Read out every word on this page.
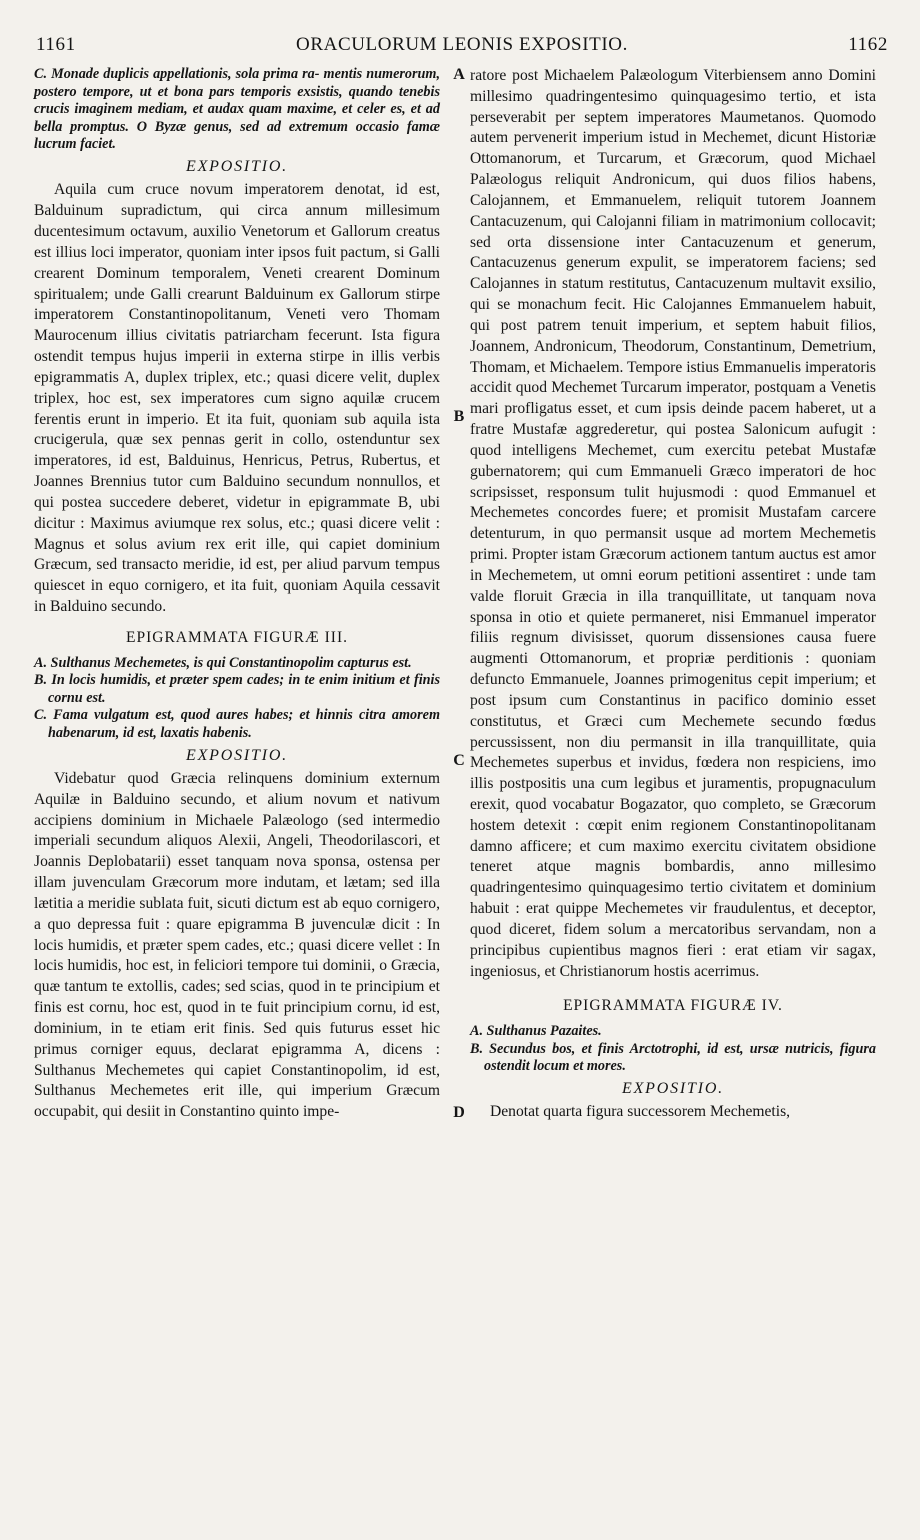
1161	ORACULORUM LEONIS EXPOSITIO.	1162

C. Monade duplicis appellationis, sola prima ra- mentis numerorum, postero tempore, ut et bona pars temporis exsistis, quando tenebis crucis imaginem mediam, et audax quam maxime, et celer es, et ad bella promptus. O Byzæ genus, sed ad extremum occasio famæ lucrum faciet.

EXPOSITIO.

Aquila cum cruce novum imperatorem denotat, id est, Balduinum supradictum, qui circa annum millesimum ducentesimum octavum, auxilio Venetorum et Gallorum creatus est illius loci imperator, quoniam inter ipsos fuit pactum, si Galli crearent Dominum temporalem, Veneti crearent Dominum spiritualem; unde Galli crearunt Balduinum ex Gallorum stirpe imperatorem Constantinopolitanum, Veneti vero Thomam Maurocenum illius civitatis patriarcham fecerunt. Ista figura ostendit tempus hujus imperii in externa stirpe in illis verbis epigrammatis A, duplex triplex, etc.; quasi dicere velit, duplex triplex, hoc est, sex imperatores cum signo aquilæ crucem ferentis erunt in imperio. Et ita fuit, quoniam sub aquila ista crucigerula, quæ sex pennas gerit in collo, ostenduntur sex imperatores, id est, Balduinus, Henricus, Petrus, Rubertus, et Joannes Brennius tutor cum Balduino secundum nonnullos, et qui postea succedere deberet, videtur in epigrammate B, ubi dicitur : Maximus aviumque rex solus, etc.; quasi dicere velit : Magnus et solus avium rex erit ille, qui capiet dominium Græcum, sed transacto meridie, id est, per aliud parvum tempus quiescet in equo cornigero, et ita fuit, quoniam Aquila cessavit in Balduino secundo.

EPIGRAMMATA FIGURÆ III.

A. Sulthanus Mechemetes, is qui Constantinopolim capturus est.

B. In locis humidis, et præter spem cades; in te enim initium et finis cornu est.

C. Fama vulgatum est, quod aures habes; et hinnis citra amorem habenarum, id est, laxatis habenis.

EXPOSITIO.

Videbatur quod Græcia relinquens dominium externum Aquilæ in Balduino secundo, et alium novum et nativum accipiens dominium in Michaele Palæologo (sed intermedio imperiali secundum aliquos Alexii, Angeli, Theodorilascori, et Joannis Deplobatarii) esset tanquam nova sponsa, ostensa per illam juvenculam Græcorum more indutam, et lætam; sed illa lætitia a meridie sublata fuit, sicuti dictum est ab equo cornigero, a quo depressa fuit : quare epigramma B juvenculæ dicit : In locis humidis, et præter spem cades, etc.; quasi dicere vellet : In locis humidis, hoc est, in feliciori tempore tui dominii, o Græcia, quæ tantum te extollis, cades; sed scias, quod in te principium et finis est cornu, hoc est, quod in te fuit principium cornu, id est, dominium, in te etiam erit finis. Sed quis futurus esset hic primus corniger equus, declarat epigramma A, dicens : Sulthanus Mechemetes qui capiet Constantinopolim, id est, Sulthanus Mechemetes erit ille, qui imperium Græcum occupabit, qui desiit in Constantino quinto impe-

A
B
C
D

ratore post Michaelem Palæologum Viterbiensem anno Domini millesimo quadringentesimo quinquagesimo tertio, et ista perseverabit per septem imperatores Maumetanos. Quomodo autem pervenerit imperium istud in Mechemet, dicunt Historiæ Ottomanorum, et Turcarum, et Græcorum, quod Michael Palæologus reliquit Andronicum, qui duos filios habens, Calojannem, et Emmanuelem, reliquit tutorem Joannem Cantacuzenum, qui Calojanni filiam in matrimonium collocavit; sed orta dissensione inter Cantacuzenum et generum, Cantacuzenus generum expulit, se imperatorem faciens; sed Calojannes in statum restitutus, Cantacuzenum multavit exsilio, qui se monachum fecit. Hic Calojannes Emmanuelem habuit, qui post patrem tenuit imperium, et septem habuit filios, Joannem, Andronicum, Theodorum, Constantinum, Demetrium, Thomam, et Michaelem. Tempore istius Emmanuelis imperatoris accidit quod Mechemet Turcarum imperator, postquam a Venetis mari profligatus esset, et cum ipsis deinde pacem haberet, ut a fratre Mustafæ aggrederetur, qui postea Salonicum aufugit : quod intelligens Mechemet, cum exercitu petebat Mustafæ gubernatorem; qui cum Emmanueli Græco imperatori de hoc scripsisset, responsum tulit hujusmodi : quod Emmanuel et Mechemetes concordes fuere; et promisit Mustafam carcere detenturum, in quo permansit usque ad mortem Mechemetis primi. Propter istam Græcorum actionem tantum auctus est amor in Mechemetem, ut omni eorum petitioni assentiret : unde tam valde floruit Græcia in illa tranquillitate, ut tanquam nova sponsa in otio et quiete permaneret, nisi Emmanuel imperator filiis regnum divisisset, quorum dissensiones causa fuere augmenti Ottomanorum, et propriæ perditionis : quoniam defuncto Emmanuele, Joannes primogenitus cepit imperium; et post ipsum cum Constantinus in pacifico dominio esset constitutus, et Græci cum Mechemete secundo fœdus percussissent, non diu permansit in illa tranquillitate, quia Mechemetes superbus et invidus, fœdera non respiciens, imo illis postpositis una cum legibus et juramentis, propugnaculum erexit, quod vocabatur Bogazator, quo completo, se Græcorum hostem detexit : cœpit enim regionem Constantinopolitanam damno afficere; et cum maximo exercitu civitatem obsidione teneret atque magnis bombardis, anno millesimo quadringentesimo quinquagesimo tertio civitatem et dominium habuit : erat quippe Mechemetes vir fraudulentus, et deceptor, quod diceret, fidem solum a mercatoribus servandam, non a principibus cupientibus magnos fieri : erat etiam vir sagax, ingeniosus, et Christianorum hostis acerrimus.

EPIGRAMMATA FIGURÆ IV.

A. Sulthanus Pazaites.

B. Secundus bos, et finis Arctotrophi, id est, ursæ nutricis, figura ostendit locum et mores.

EXPOSITIO.

Denotat quarta figura successorem Mechemetis,
